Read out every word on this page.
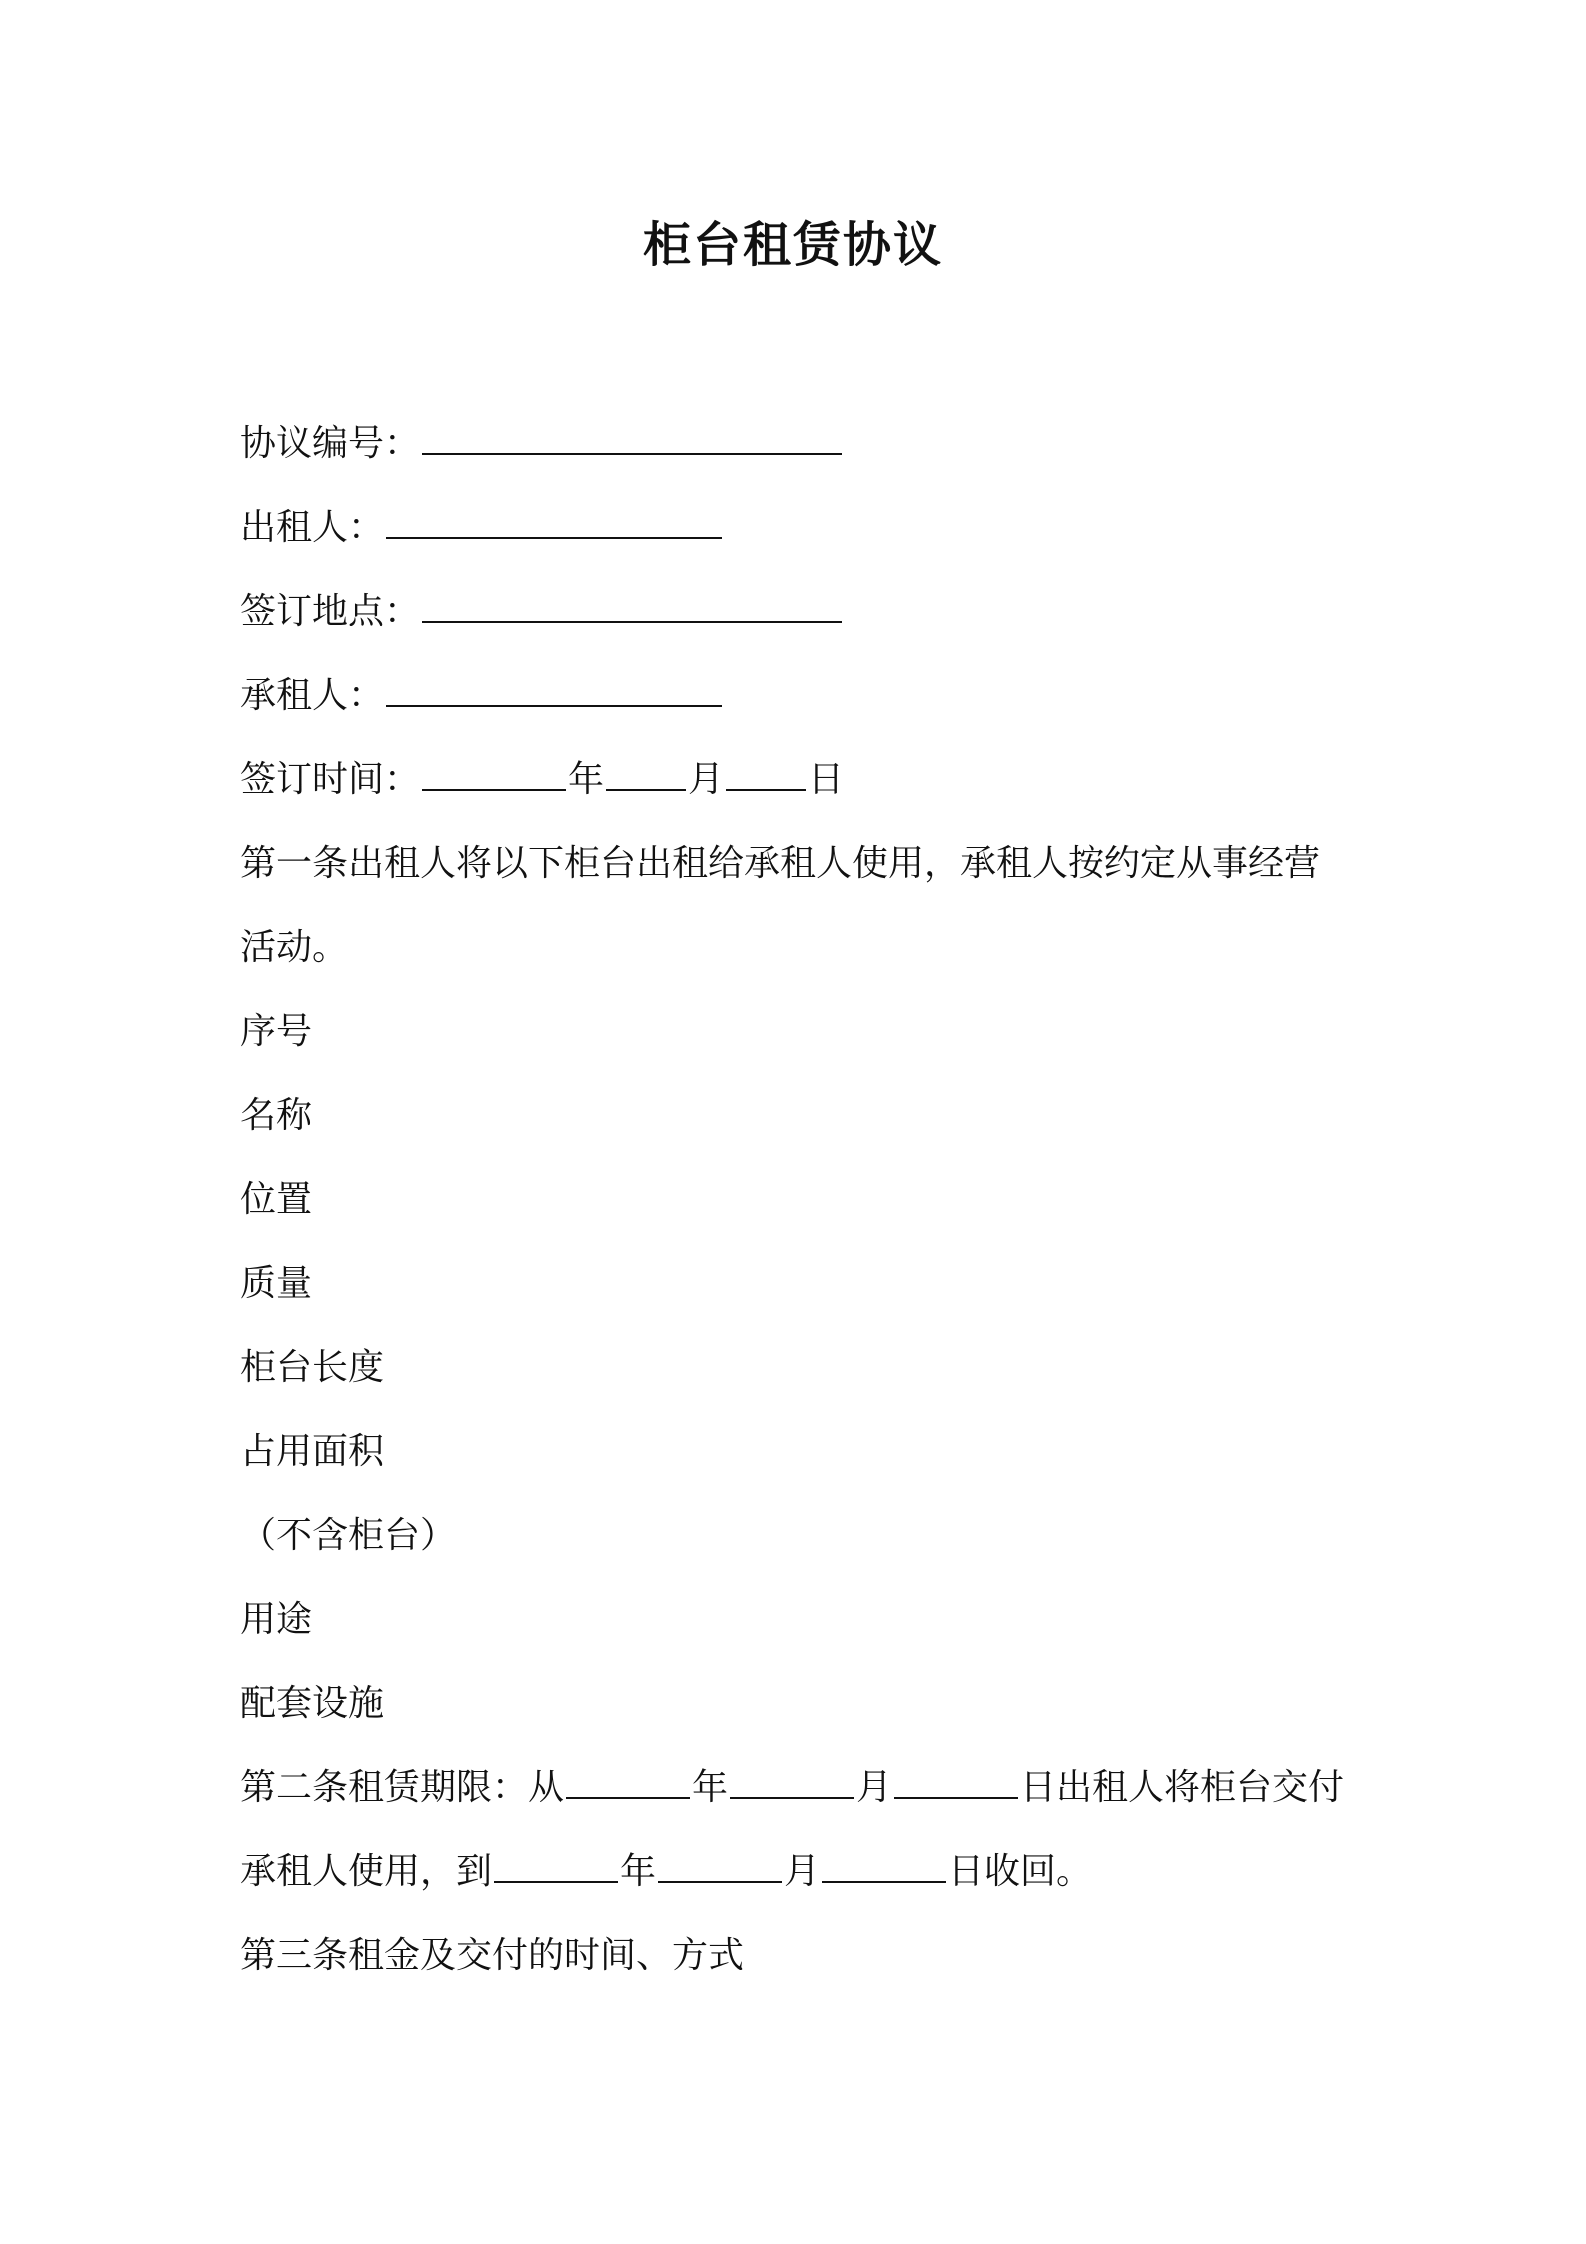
柜台租赁协议
协议编号：
出租人：
签订地点：
承租人：
签订时间：	年 月 日
第一条出租人将以下柜台出租给承租人使用，承租人按约定从事经营
活动。
序号
名称
位置
质量
柜台长度
占用面积
（不含柜台）
用途
配套设施
第二条租赁期限：从	年	月	日出租人将柜台交付
承租人使用，到	年	月	日收回。
第三条租金及交付的时间、方式
